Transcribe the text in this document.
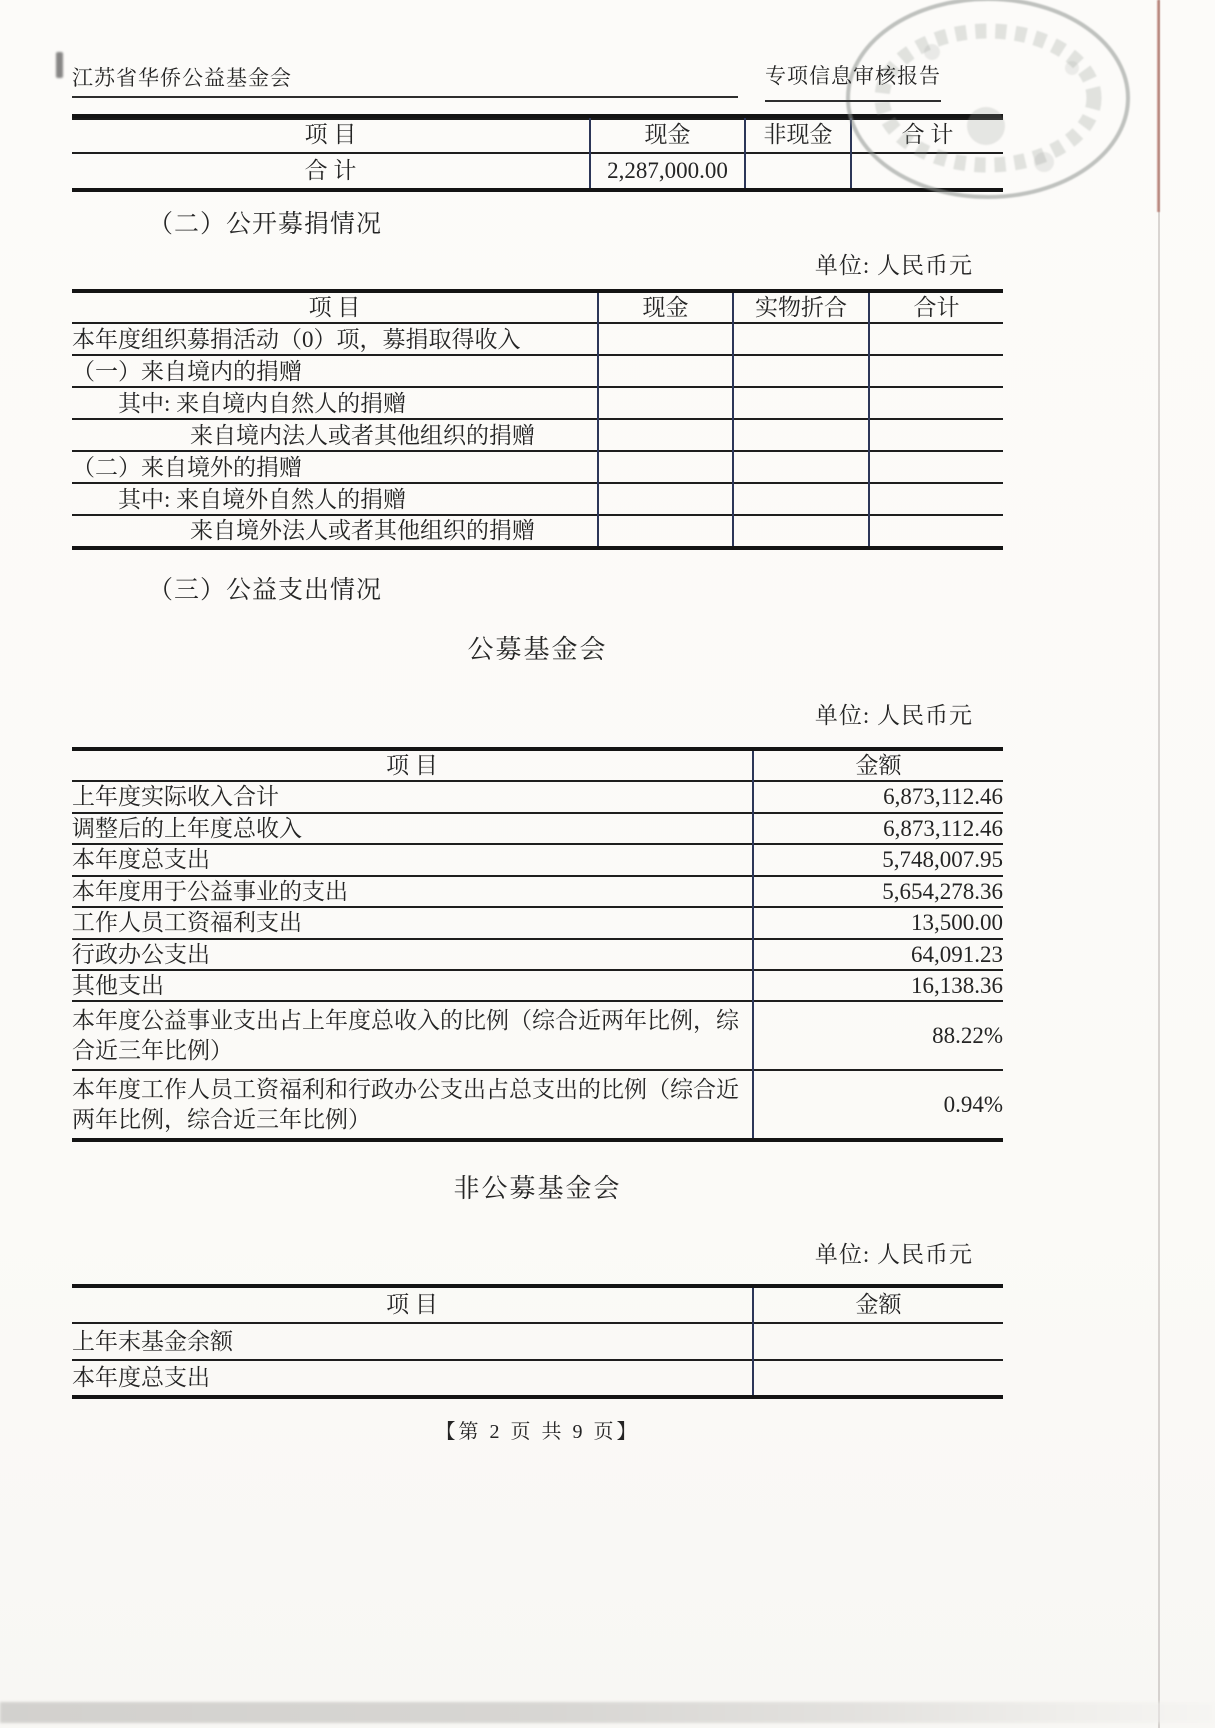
江苏省华侨公益基金会	专项信息审核报告
项 目	现金	非现金	合 计
合 计	2,287,000.00		
（二）公开募捐情况
单位: 人民币元
项 目	现金	实物折合	合计
本年度组织募捐活动（0）项，募捐取得收入			
（一）来自境内的捐赠			
其中: 来自境内自然人的捐赠			
来自境内法人或者其他组织的捐赠			
（二）来自境外的捐赠			
其中: 来自境外自然人的捐赠			
来自境外法人或者其他组织的捐赠			
（三）公益支出情况
公募基金会
单位: 人民币元
项 目	金额
上年度实际收入合计	6,873,112.46
调整后的上年度总收入	6,873,112.46
本年度总支出	5,748,007.95
本年度用于公益事业的支出	5,654,278.36
工作人员工资福利支出	13,500.00
行政办公支出	64,091.23
其他支出	16,138.36
本年度公益事业支出占上年度总收入的比例（综合近两年比例，综合近三年比例）	88.22%
本年度工作人员工资福利和行政办公支出占总支出的比例（综合近两年比例，综合近三年比例）	0.94%
非公募基金会
单位: 人民币元
项 目	金额
上年末基金余额	
本年度总支出	
【第 2 页 共 9 页】
